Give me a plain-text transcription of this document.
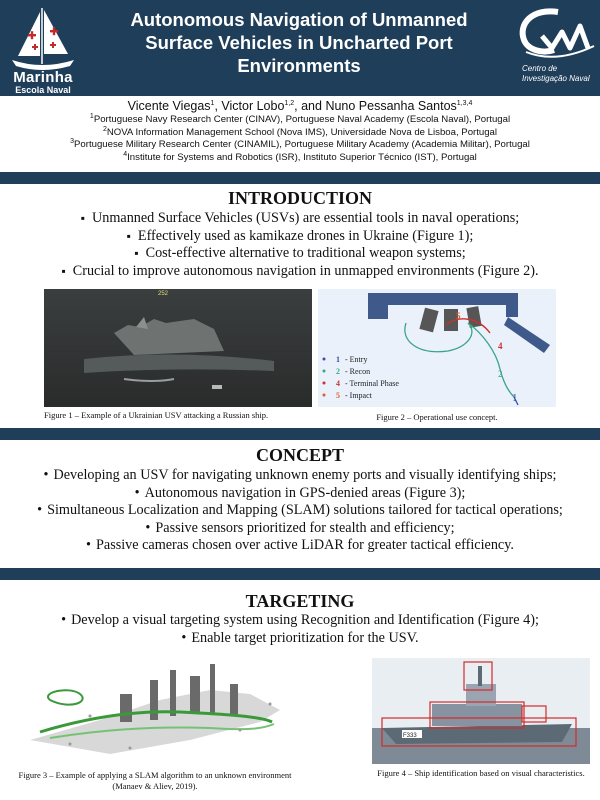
Marinha
Escola Naval
Autonomous Navigation of Unmanned Surface Vehicles in Uncharted Port Environments	Centro de
Investigação Naval
Vicente Viegas$^1$, Victor Lobo$^{1,2}$, and Nuno Pessanha Santos$^{1,3,4}$
$^1$Portuguese Navy Research Center (CINAV), Portuguese Naval Academy (Escola Naval), Portugal
$^2$NOVA Information Management School (Nova IMS), Universidade Nova de Lisboa, Portugal
$^3$Portuguese Military Research Center (CINAMIL), Portuguese Military Academy (Academia Militar), Portugal
$^4$Institute for Systems and Robotics (ISR), Instituto Superior Técnico (IST), Portugal
INTRODUCTION
▪ Unmanned Surface Vehicles (USVs) are essential tools in naval operations;
▪ Effectively used as kamikaze drones in Ukraine (Figure 1);
▪ Cost-effective alternative to traditional weapon systems;
▪ Crucial to improve autonomous navigation in unmapped environments (Figure 2).
252
Figure 1 – Example of a Ukrainian USV attacking a Russian ship.
5
4
2
1
1 - Entry
2 - Recon
4 - Terminal Phase
5 - Impact
Figure 2 – Operational use concept.
CONCEPT
• Developing an USV for navigating unknown enemy ports and visually identifying ships;
• Autonomous navigation in GPS-denied areas (Figure 3);
• Simultaneous Localization and Mapping (SLAM) solutions tailored for tactical operations;
• Passive sensors prioritized for stealth and efficiency;
• Passive cameras chosen over active LiDAR for greater tactical efficiency.
TARGETING
• Develop a visual targeting system using Recognition and Identification (Figure 4);
• Enable target prioritization for the USV.
Figure 3 – Example of applying a SLAM algorithm to an unknown environment (Manaev & Aliev, 2019).
F333
Figure 4 – Ship identification based on visual characteristics.
